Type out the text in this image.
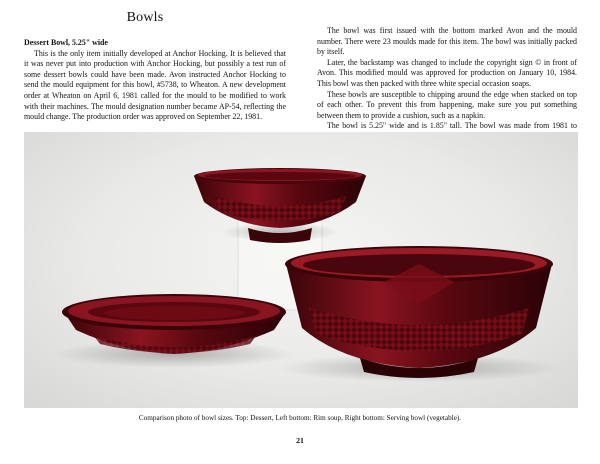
Bowls

Dessert Bowl, 5.25" wide

This is the only item initially developed at Anchor Hocking. It is believed that it was never put into production with Anchor Hocking, but possibly a test run of some dessert bowls could have been made. Avon instructed Anchor Hocking to send the mould equipment for this bowl, #5738, to Wheaton. A new development order at Wheaton on April 6, 1981 called for the mould to be modified to work with their machines. The mould designation number became AP-54, reflecting the mould change. The production order was approved on September 22, 1981.

The bowl was first issued with the bottom marked Avon and the mould number. There were 23 moulds made for this item. The bowl was initially packed by itself.

Later, the backstamp was changed to include the copyright sign © in front of Avon. This modified mould was approved for production on January 10, 1984. This bowl was then packed with three white special occasion soaps.

These bowls are susceptible to chipping around the edge when stacked on top of each other. To prevent this from happening, make sure you put something between them to provide a cushion, such as a napkin.

The bowl is 5.25" wide and is 1.85" tall. The bowl was made from 1981 to

Comparison photo of bowl sizes. Top: Dessert, Left bottom: Rim soup, Right bottom: Serving bowl (vegetable).
21
